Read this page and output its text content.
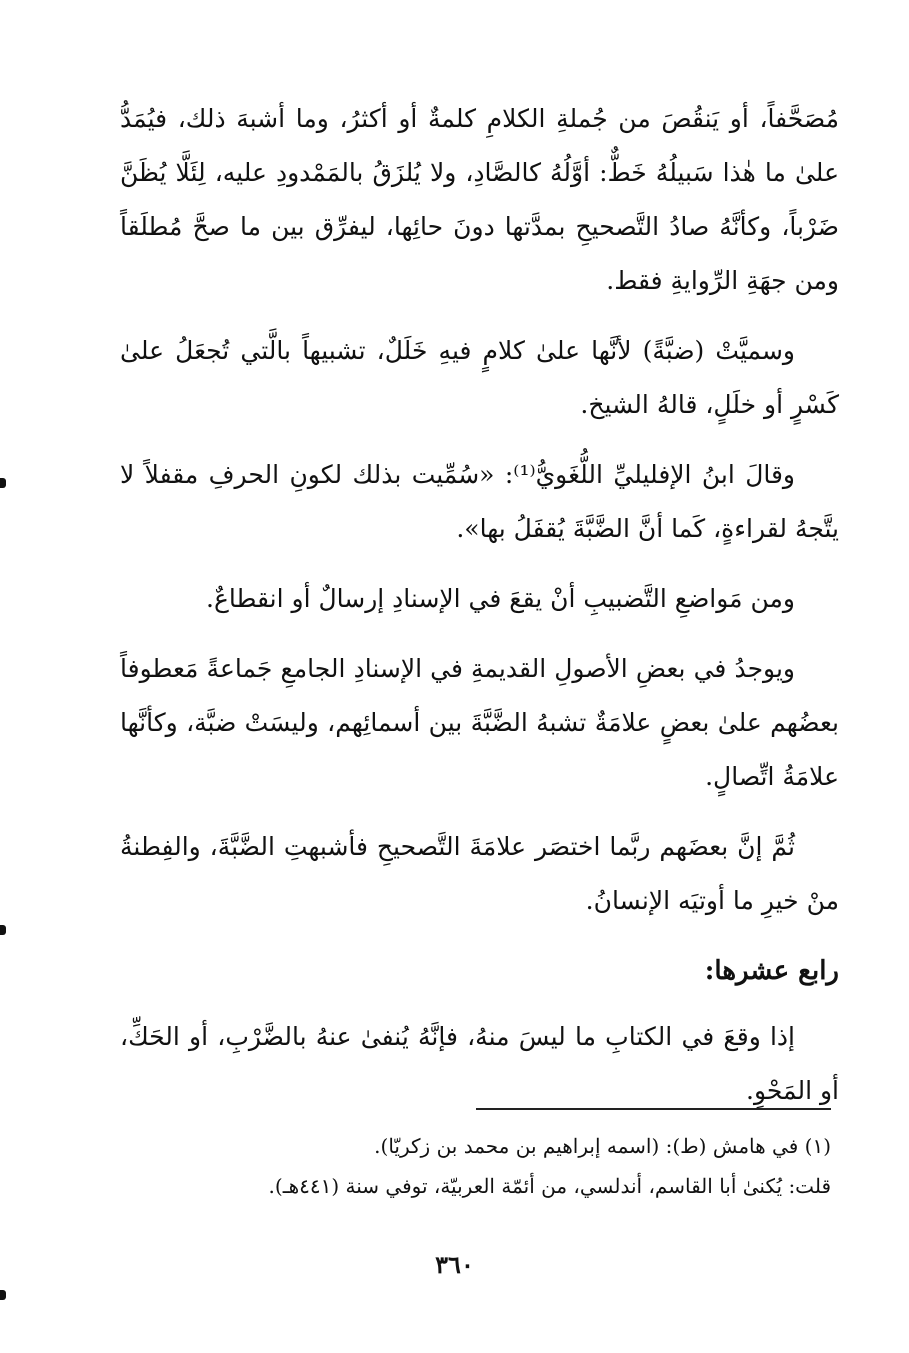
مُصَحَّفاً، أو يَنقُصَ من جُملةِ الكلامِ كلمةٌ أو أكثرُ، وما أشبهَ ذلك، فيُمَدُّ علىٰ ما هٰذا سَبيلُهُ خَطٌّ: أوَّلُهُ كالصَّادِ، ولا يُلزَقُ بالمَمْدودِ عليه، لِئَلَّا يُظَنَّ ضَرْباً، وكأنَّهُ صادُ التَّصحيحِ بمدَّتها دونَ حائِها، ليفرِّق بين ما صحَّ مُطلَقاً ومن جهَةِ الرِّوايةِ فقط.

وسميَّتْ (ضبَّةً) لأنَّها علىٰ كلامٍ فيهِ خَلَلٌ، تشبيهاً بالَّتي تُجعَلُ علىٰ كَسْرٍ أو خلَلٍ، قالهُ الشيخ.

وقالَ ابنُ الإفليليِّ اللُّغَويُّ⁽¹⁾: «سُمِّيت بذلك لكونِ الحرفِ مقفلاً لا يتَّجهُ لقراءةٍ، كَما أنَّ الضَّبَّةَ يُقفَلُ بها».

ومن مَواضعِ التَّضبيبِ أنْ يقعَ في الإسنادِ إرسالٌ أو انقطاعٌ.

ويوجدُ في بعضِ الأصولِ القديمةِ في الإسنادِ الجامعِ جَماعةً مَعطوفاً بعضُهم علىٰ بعضٍ علامَةٌ تشبهُ الضَّبَّةَ بين أسمائِهم، وليسَتْ ضبَّة، وكأنَّها علامَةُ اتِّصالٍ.

ثُمَّ إنَّ بعضَهم ربَّما اختصَر علامَةَ التَّصحيحِ فأشبهتِ الضَّبَّةَ، والفِطنةُ منْ خيرِ ما أوتيَه الإنسانُ.

رابع عشرها:

إذا وقعَ في الكتابِ ما ليسَ منهُ، فإنَّهُ يُنفىٰ عنهُ بالضَّرْبِ، أو الحَكِّ، أو المَحْوِ.

(١) في هامش (ط): (اسمه إبراهيم بن محمد بن زكريّا).

قلت: يُكنىٰ أبا القاسم، أندلسي، من أئمّة العربيّة، توفي سنة (٤٤١هـ).

٣٦٠
